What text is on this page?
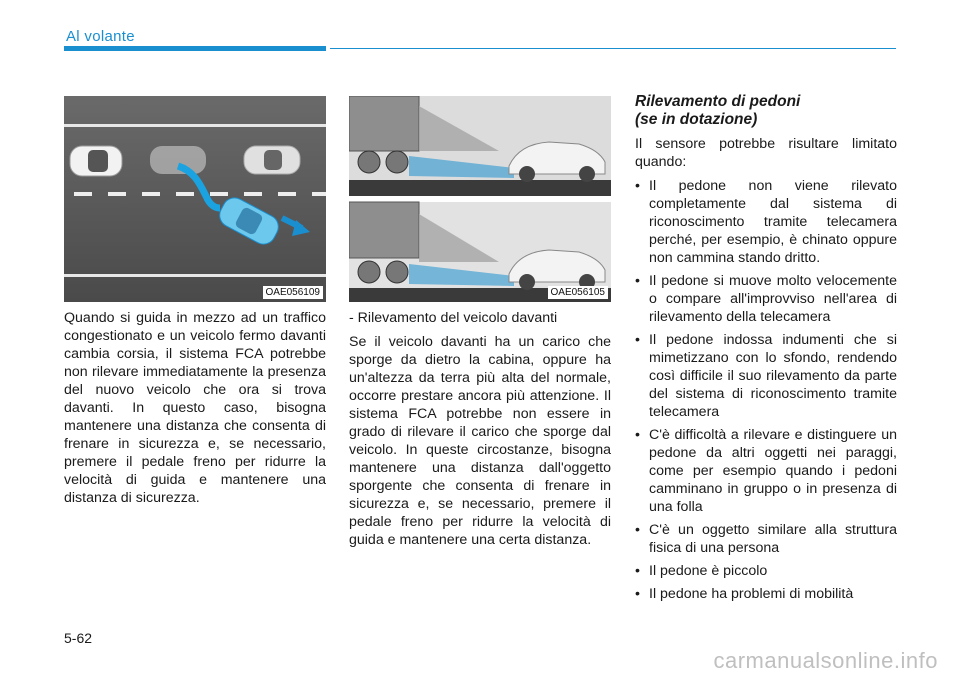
Al volante
OAE056109	OAE056105

Quando si guida in mezzo ad un traffico congestionato e un veicolo fermo davanti cambia corsia, il sistema FCA potrebbe non rilevare immediatamente la presenza del nuovo veicolo che ora si trova davanti. In questo caso, bisogna mantenere una distanza che consenta di frenare in sicurezza e, se necessario, premere il pedale freno per ridurre la velocità di guida e mantenere una distanza di sicurezza.

- Rilevamento del veicolo davanti

Se il veicolo davanti ha un carico che sporge da dietro la cabina, oppure ha un'altezza da terra più alta del normale, occorre prestare ancora più attenzione. Il sistema FCA potrebbe non essere in grado di rilevare il carico che sporge dal veicolo. In queste circostanze, bisogna mantenere una distanza dall'oggetto sporgente che consenta di frenare in sicurezza e, se necessario, premere il pedale freno per ridurre la velocità di guida e mantenere una certa distanza.

Rilevamento di pedoni
(se in dotazione)

Il sensore potrebbe risultare limitato quando:

• Il pedone non viene rilevato completamente dal sistema di riconoscimento tramite telecamera perché, per esempio, è chinato oppure non cammina stando dritto.
• Il pedone si muove molto velocemente o compare all'improvviso nell'area di rilevamento della telecamera
• Il pedone indossa indumenti che si mimetizzano con lo sfondo, rendendo così difficile il suo rilevamento da parte del sistema di riconoscimento tramite telecamera
• C'è difficoltà a rilevare e distinguere un pedone da altri oggetti nei paraggi, come per esempio quando i pedoni camminano in gruppo o in presenza di una folla
• C'è un oggetto similare alla struttura fisica di una persona
• Il pedone è piccolo
• Il pedone ha problemi di mobilità
5-62
carmanualsonline.info
